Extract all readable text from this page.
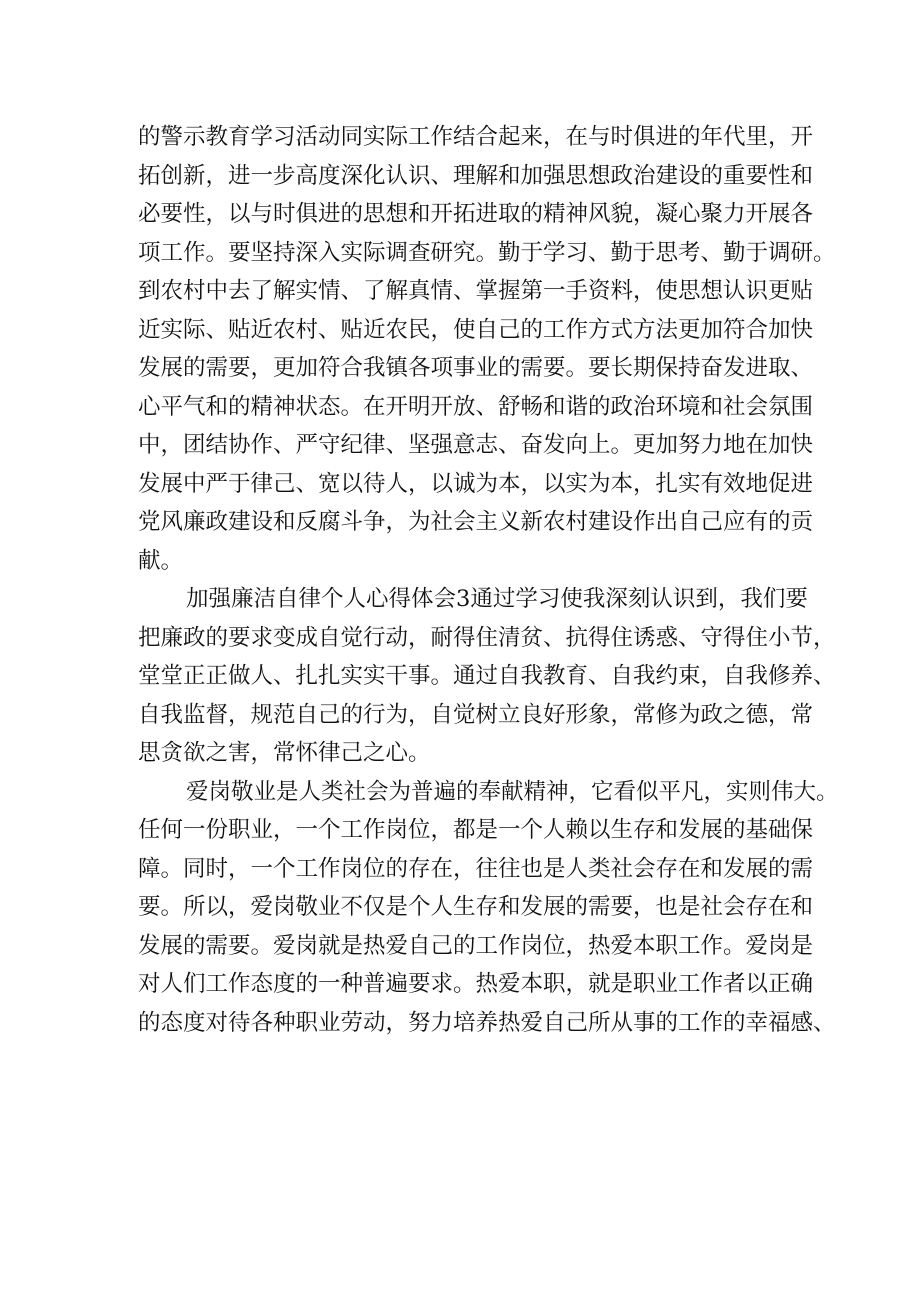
的警示教育学习活动同实际工作结合起来，在与时俱进的年代里，开

拓创新，进一步高度深化认识、理解和加强思想政治建设的重要性和

必要性，以与时俱进的思想和开拓进取的精神风貌，凝心聚力开展各

项工作。要坚持深入实际调查研究。勤于学习、勤于思考、勤于调研。

到农村中去了解实情、了解真情、掌握第一手资料，使思想认识更贴

近实际、贴近农村、贴近农民，使自己的工作方式方法更加符合加快

发展的需要，更加符合我镇各项事业的需要。要长期保持奋发进取、

心平气和的精神状态。在开明开放、舒畅和谐的政治环境和社会氛围

中，团结协作、严守纪律、坚强意志、奋发向上。更加努力地在加快

发展中严于律己、宽以待人，以诚为本，以实为本，扎实有效地促进

党风廉政建设和反腐斗争，为社会主义新农村建设作出自己应有的贡

献。

加强廉洁自律个人心得体会3通过学习使我深刻认识到，我们要

把廉政的要求变成自觉行动，耐得住清贫、抗得住诱惑、守得住小节，

堂堂正正做人、扎扎实实干事。通过自我教育、自我约束，自我修养、

自我监督，规范自己的行为，自觉树立良好形象，常修为政之德，常

思贪欲之害，常怀律己之心。

爱岗敬业是人类社会为普遍的奉献精神，它看似平凡，实则伟大。

任何一份职业，一个工作岗位，都是一个人赖以生存和发展的基础保

障。同时，一个工作岗位的存在，往往也是人类社会存在和发展的需

要。所以，爱岗敬业不仅是个人生存和发展的需要，也是社会存在和

发展的需要。爱岗就是热爱自己的工作岗位，热爱本职工作。爱岗是

对人们工作态度的一种普遍要求。热爱本职，就是职业工作者以正确

的态度对待各种职业劳动，努力培养热爱自己所从事的工作的幸福感、
